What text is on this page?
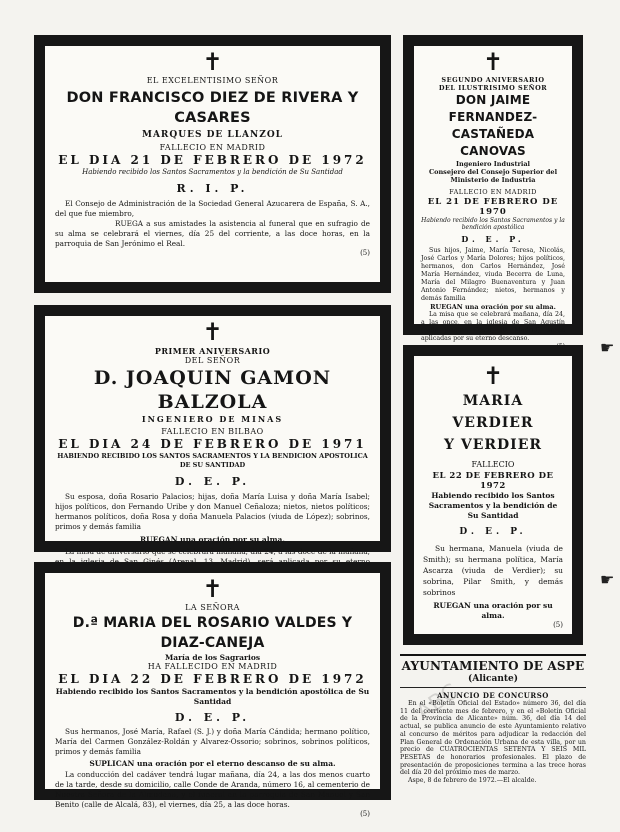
ABC
☛
☛
✝
EL EXCELENTISIMO SEÑOR
DON FRANCISCO DIEZ DE RIVERA Y CASARES
MARQUES DE LLANZOL
FALLECIO EN MADRID
EL DIA 21 DE FEBRERO DE 1972
Habiendo recibido los Santos Sacramentos y la bendición de Su Santidad
R. I. P.
El Consejo de Administración de la Sociedad General Azucarera de España, S. A., del que fue miembro,
RUEGA a sus amistades la asistencia al funeral que en sufragio de su alma se celebrará el viernes, día 25 del corriente, a las doce horas, en la parroquia de San Jerónimo el Real.
(5)
✝
PRIMER ANIVERSARIO
DEL SEÑOR
D. JOAQUIN GAMON BALZOLA
INGENIERO DE MINAS
FALLECIO EN BILBAO
EL DIA 24 DE FEBRERO DE 1971
HABIENDO RECIBIDO LOS SANTOS SACRAMENTOS Y LA BENDICION APOSTOLICA DE SU SANTIDAD
D. E. P.
Su esposa, doña Rosario Palacios; hijas, doña María Luisa y doña María Isabel; hijos políticos, don Fernando Uribe y don Manuel Ceñaloza; nietos, nietos políticos; hermanos políticos, doña Rosa y doña Manuela Palacios (viuda de López); sobrinos, primos y demás familia
RUEGAN una oración por su alma.
La misa de aniversario que se celebrará mañana, día 24, a las doce de la mañana,
✝
LA SEÑORA
D.ª MARIA DEL ROSARIO VALDES Y DIAZ-CANEJA
María de los Sagrarios
HA FALLECIDO EN MADRID
EL DIA 22 DE FEBRERO DE 1972
Habiendo recibido los Santos Sacramentos y la bendición apostólica de Su Santidad
D. E. P.
Sus hermanos, José María, Rafael (S. J.) y doña María Cándida; hermano político, María del Carmen González-Roldán y Alvarez-Ossorio; sobrinos, sobrinos políticos, primos y demás familia
SUPLICAN una oración por el eterno descanso de su alma.
La conducción del cadáver tendrá lugar mañana, día 24, a las dos menos cuarto de la tarde, desde su domicilio, calle Conde de Aranda, número 16, al cementerio de Nuestra Señora de la Almudena, y el funeral en la parroquia de San Manuel y San Benito (calle de Alcalá, 83), el viernes, día 25, a las doce horas.
(5)
✝
SEGUNDO ANIVERSARIO
DEL ILUSTRISIMO SEÑOR
DON JAIME FERNANDEZ-
CASTAÑEDA CANOVAS
Ingeniero Industrial
Consejero del Consejo Superior del Ministerio de Industria
FALLECIO EN MADRID
EL 21 DE FEBRERO DE 1970
Habiendo recibido los Santos Sacramentos y la bendición apostólica
D. E. P.
Sus hijos, Jaime, María Teresa, Nicolás, José Carlos y María Dolores; hijos políticos, hermanos, don Carlos Hernández, José María Hernández, viuda Becerra de Luna, María del Milagro Buenaventura y Juan Antonio Fernández; nietos, hermanos y demás familia
RUEGAN una oración por su alma.
La misa que se celebrará mañana, día 24, a las once, en la iglesia de San Agustín (calle Joaquín Costa, 10, Madrid), serán aplicadas por su eterno descanso.
✝
MARIA VERDIER
Y VERDIER
FALLECIO
EL 22 DE FEBRERO DE 1972
Habiendo recibido los Santos Sacramentos y la bendición de Su Santidad
D. E. P.
Su hermana, Manuela (viuda de Smith); su hermana política, María Ascarza (viuda de Verdier); su sobrina, Pilar Smith, y demás sobrinos
RUEGAN una oración por su alma.
(5)
AYUNTAMIENTO DE ASPE
(Alicante)
ANUNCIO DE CONCURSO
En el «Boletín Oficial del Estado» número 36, del día 11 del corriente mes de febrero, y en el «Boletín Oficial de la Provincia de Alicante» núm. 36, del día 14 del actual, se publica anuncio de este Ayuntamiento relativo al concurso de méritos para adjudicar la redacción del Plan General de Ordenación Urbana de esta villa, por un precio de CUATROCIENTAS SETENTA Y SEIS MIL PESETAS de honorarios profesionales. El plazo de presentación de proposiciones termina a las trece horas del día 20 del próximo mes de marzo.
Aspe, 8 de febrero de 1972.—El alcalde.
